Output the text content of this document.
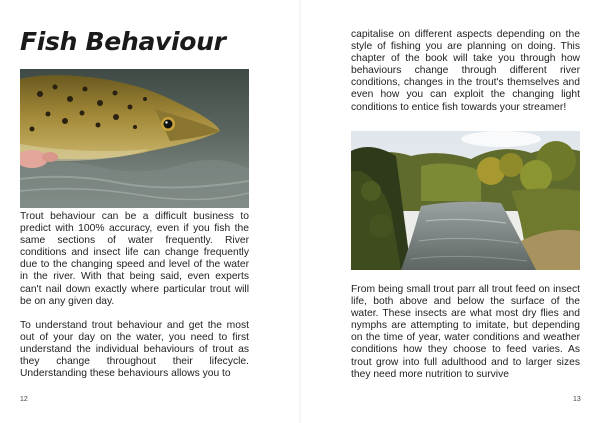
Fish Behaviour

Trout behaviour can be a difficult business to predict with 100% accuracy, even if you fish the same sections of water frequently. River conditions and insect life can change frequently due to the changing speed and level of the water in the river. With that being said, even experts can't nail down exactly where particular trout will be on any given day.

To understand trout behaviour and get the most out of your day on the water, you need to first understand the individual behaviours of trout as they change throughout their lifecycle. Understanding these behaviours allows you to

12

capitalise on different aspects depending on the style of fishing you are planning on doing. This chapter of the book will take you through how behaviours change through different river conditions, changes in the trout's themselves and even how you can exploit the changing light conditions to entice fish towards your streamer!

From being small trout parr all trout feed on insect life, both above and below the surface of the water. These insects are what most dry flies and nymphs are attempting to imitate, but depending on the time of year, water conditions and weather conditions how they choose to feed varies. As trout grow into full adulthood and to larger sizes they need more nutrition to survive

13
